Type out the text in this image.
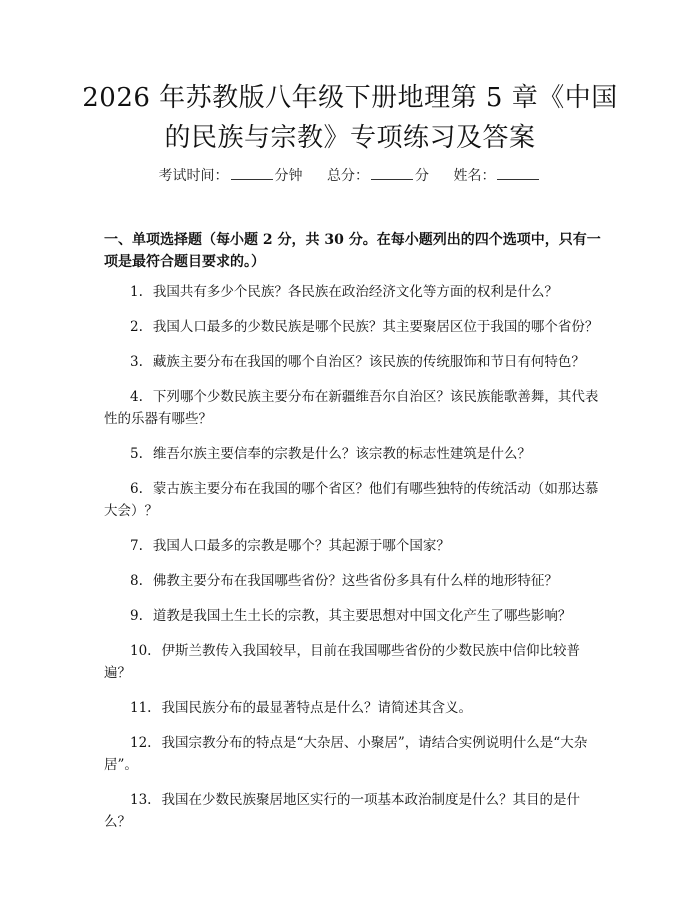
2026 年苏教版八年级下册地理第 5 章《中国
的民族与宗教》专项练习及答案
考试时间：	分钟 总分：	分 姓名：
一、单项选择题（每小题 2 分，共 30 分。在每小题列出的四个选项中，只有一项是最符合题目要求的。）
1. 我国共有多少个民族？各民族在政治经济文化等方面的权利是什么？
2. 我国人口最多的少数民族是哪个民族？其主要聚居区位于我国的哪个省份？
3. 藏族主要分布在我国的哪个自治区？该民族的传统服饰和节日有何特色？
4. 下列哪个少数民族主要分布在新疆维吾尔自治区？该民族能歌善舞，其代表性的乐器有哪些？
5. 维吾尔族主要信奉的宗教是什么？该宗教的标志性建筑是什么？
6. 蒙古族主要分布在我国的哪个省区？他们有哪些独特的传统活动（如那达慕大会）？
7. 我国人口最多的宗教是哪个？其起源于哪个国家？
8. 佛教主要分布在我国哪些省份？这些省份多具有什么样的地形特征？
9. 道教是我国土生土长的宗教，其主要思想对中国文化产生了哪些影响？
10. 伊斯兰教传入我国较早，目前在我国哪些省份的少数民族中信仰比较普遍？
11. 我国民族分布的最显著特点是什么？请简述其含义。
12. 我国宗教分布的特点是“大杂居、小聚居”，请结合实例说明什么是“大杂居”。
13. 我国在少数民族聚居地区实行的一项基本政治制度是什么？其目的是什么？
